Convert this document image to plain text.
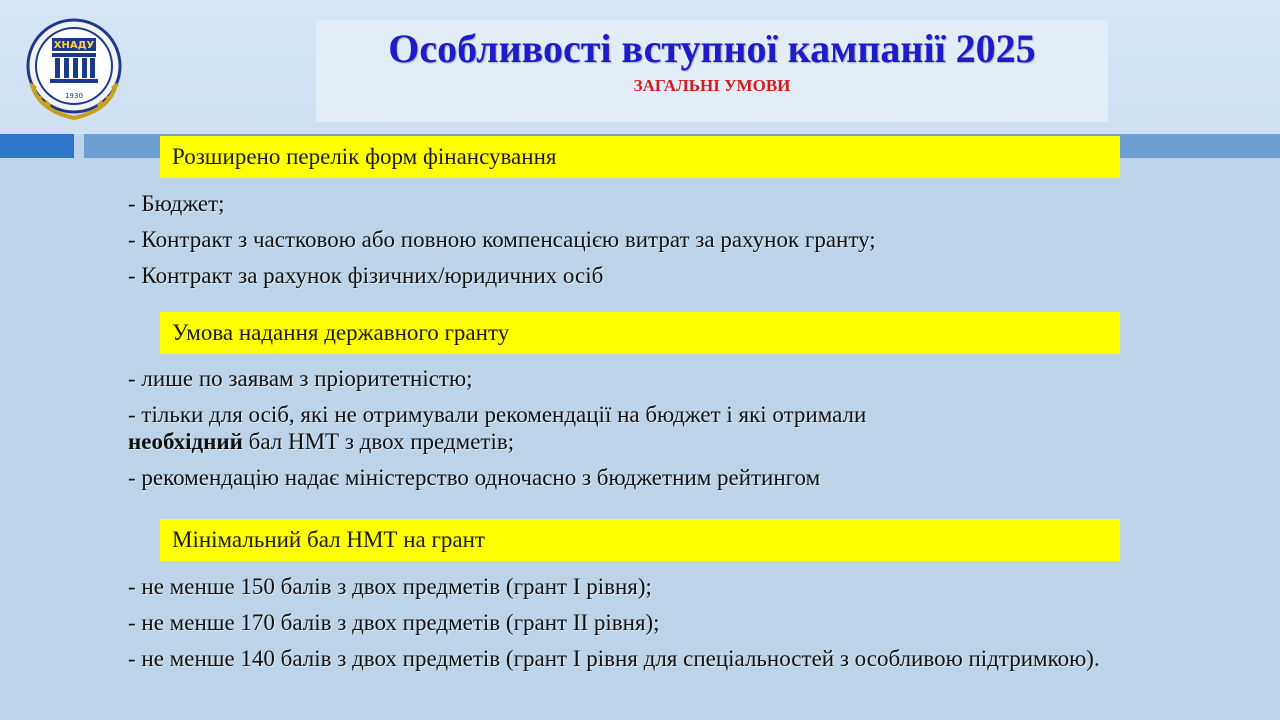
ХНАДУ
1930
Особливості вступної кампанії 2025
ЗАГАЛЬНІ УМОВИ
Розширено перелік форм фінансування
- Бюджет;
- Контракт з частковою або повною компенсацією витрат за рахунок гранту;
- Контракт за рахунок фізичних/юридичних осіб
Умова надання державного гранту
- лише по заявам з пріоритетністю;
- тільки для осіб, які не отримували рекомендації на бюджет і які отримали
необхідний бал НМТ з двох предметів;
- рекомендацію надає міністерство одночасно з бюджетним рейтингом
Мінімальний бал НМТ на грант
- не менше 150 балів з двох предметів (грант І рівня);
- не менше 170 балів з двох предметів (грант ІІ рівня);
- не менше 140 балів з двох предметів (грант І рівня для спеціальностей з особливою підтримкою).
